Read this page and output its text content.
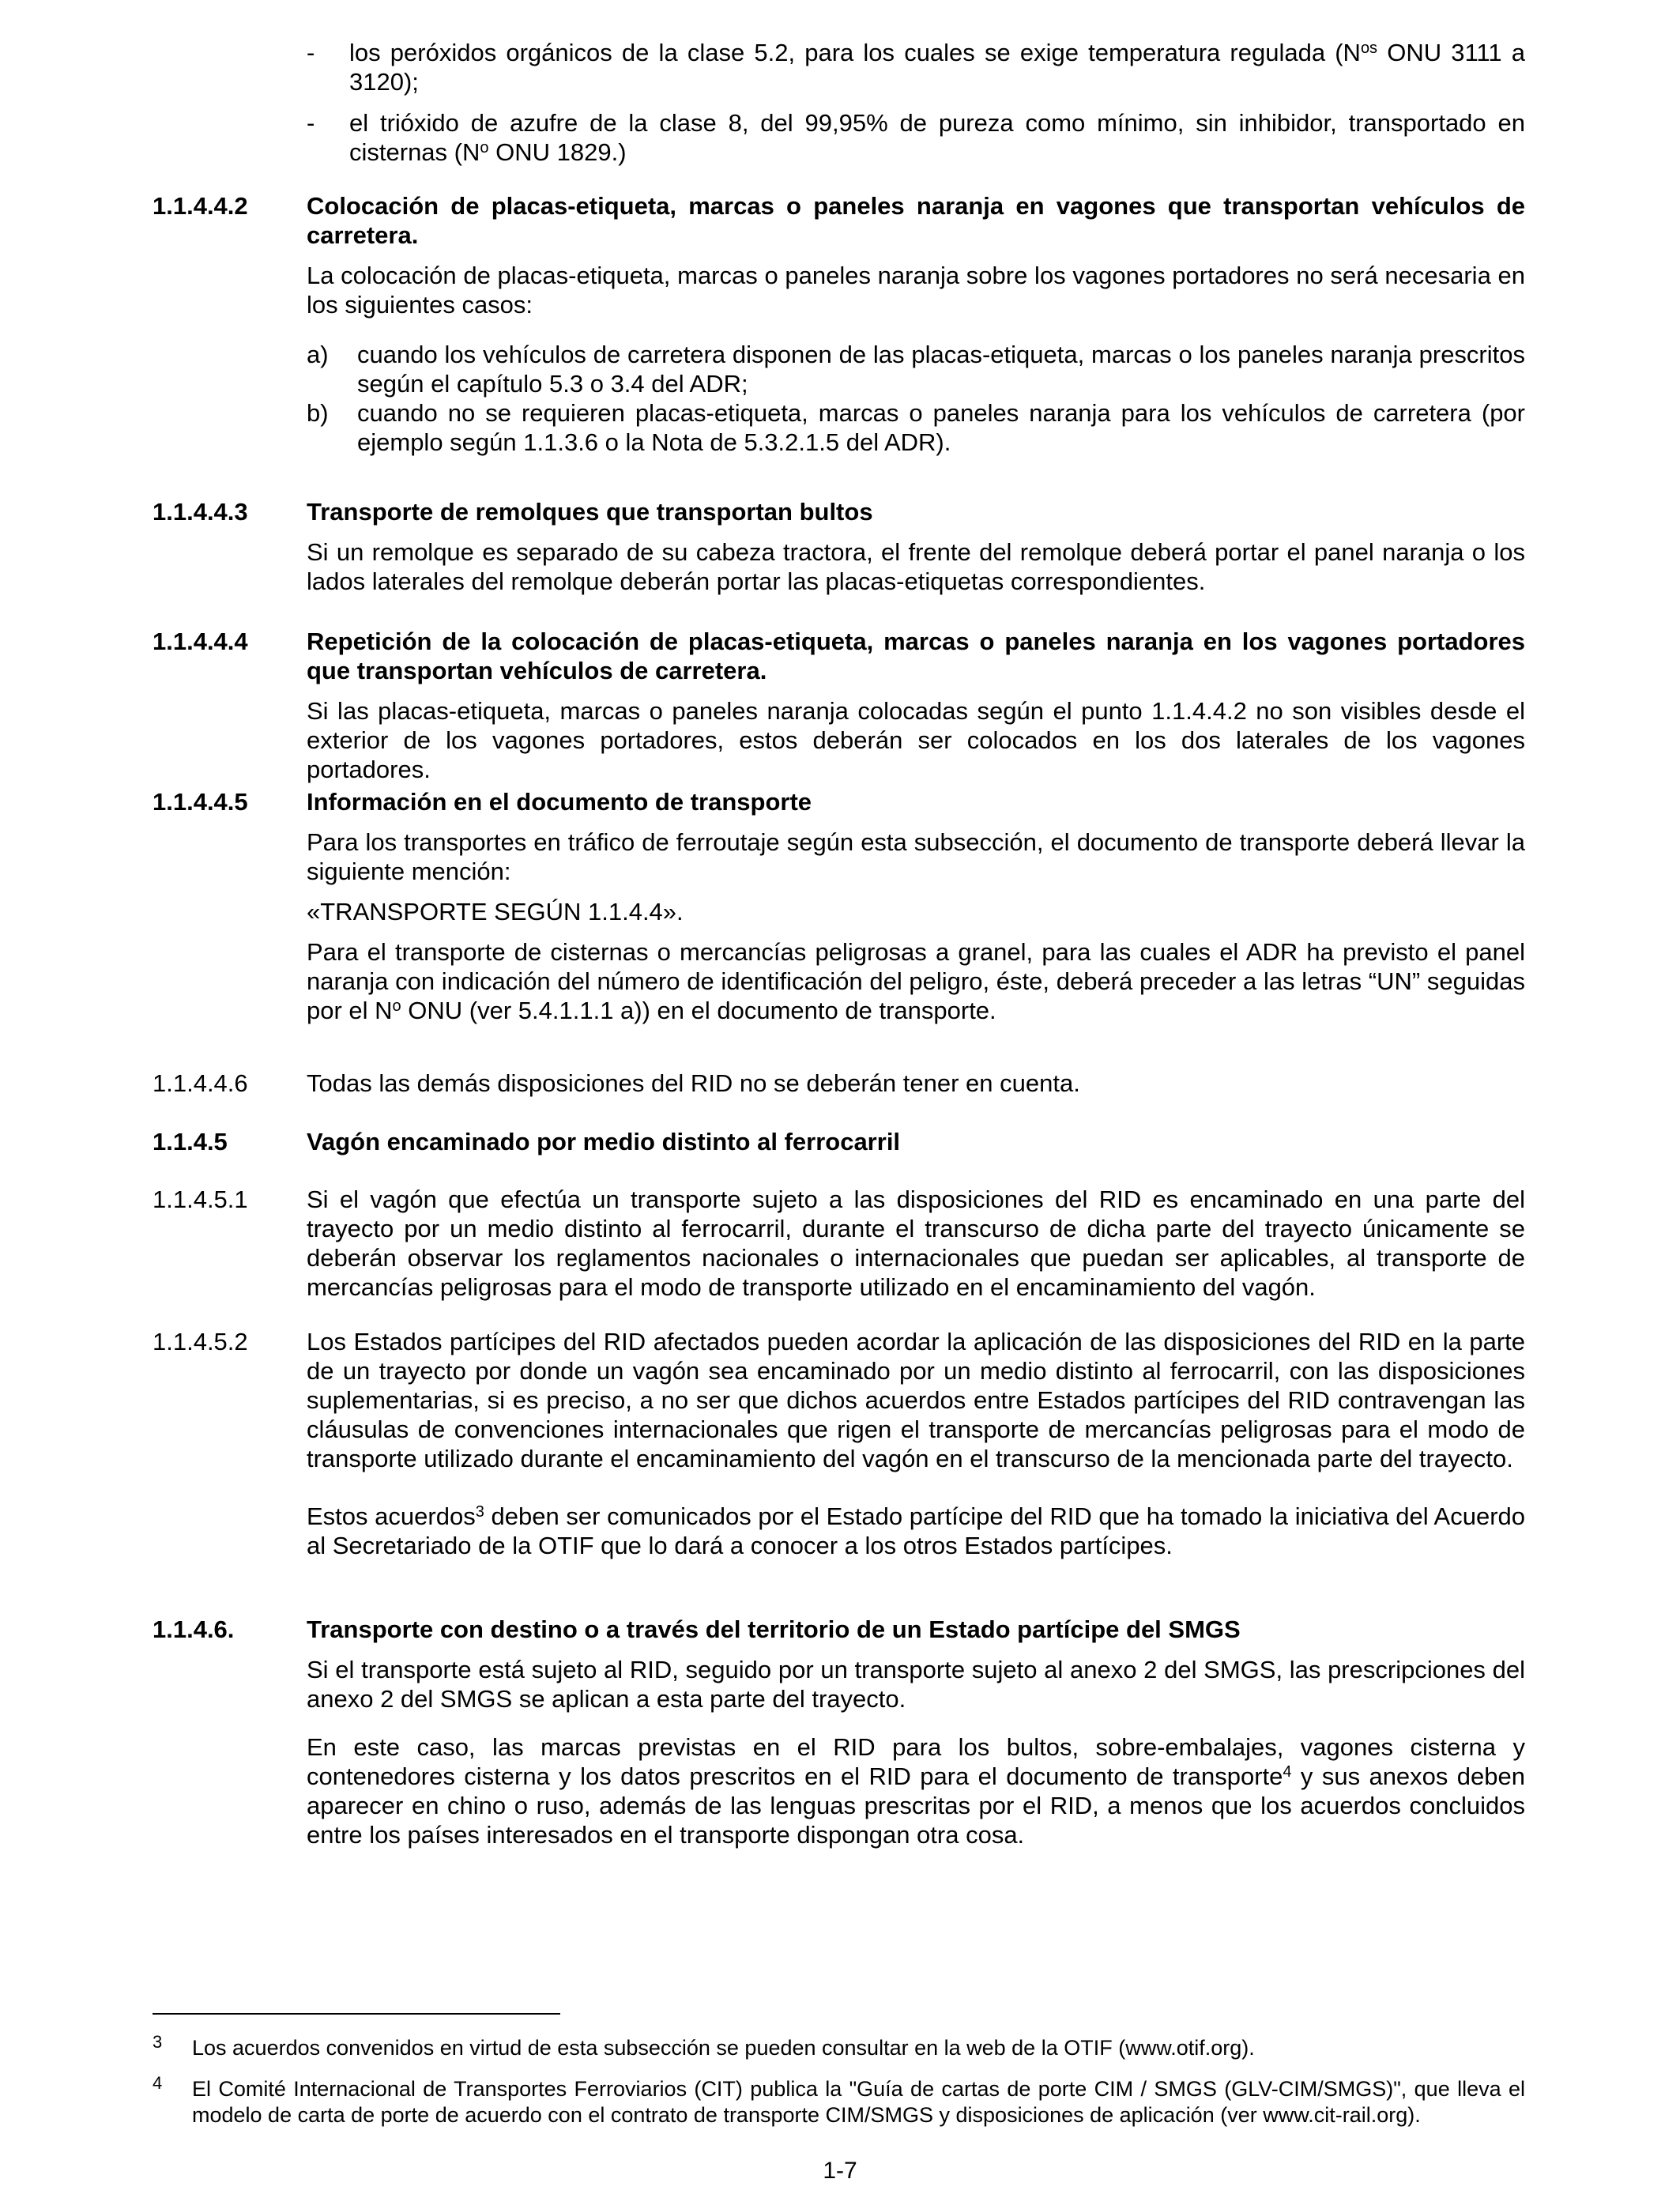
- los peróxidos orgánicos de la clase 5.2, para los cuales se exige temperatura regulada ($N^{os}$ ONU 3111 a 3120);
- el trióxido de azufre de la clase 8, del 99,95% de pureza como mínimo, sin inhibidor, transportado en cisternas ($N^o$ ONU 1829.)
1.1.4.4.2 Colocación de placas-etiqueta, marcas o paneles naranja en vagones que transportan vehículos de carretera.

La colocación de placas-etiqueta, marcas o paneles naranja sobre los vagones portadores no será necesaria en los siguientes casos:

a) cuando los vehículos de carretera disponen de las placas-etiqueta, marcas o los paneles naranja prescritos según el capítulo 5.3 o 3.4 del ADR;
b) cuando no se requieren placas-etiqueta, marcas o paneles naranja para los vehículos de carretera (por ejemplo según 1.1.3.6 o la Nota de 5.3.2.1.5 del ADR).
1.1.4.4.3 Transporte de remolques que transportan bultos

Si un remolque es separado de su cabeza tractora, el frente del remolque deberá portar el panel naranja o los lados laterales del remolque deberán portar las placas-etiquetas correspondientes.

1.1.4.4.4 Repetición de la colocación de placas-etiqueta, marcas o paneles naranja en los vagones portadores que transportan vehículos de carretera.

Si las placas-etiqueta, marcas o paneles naranja colocadas según el punto 1.1.4.4.2 no son visibles desde el exterior de los vagones portadores, estos deberán ser colocados en los dos laterales de los vagones portadores.

1.1.4.4.5 Información en el documento de transporte

Para los transportes en tráfico de ferroutaje según esta subsección, el documento de transporte deberá llevar la siguiente mención:

«TRANSPORTE SEGÚN 1.1.4.4».

Para el transporte de cisternas o mercancías peligrosas a granel, para las cuales el ADR ha previsto el panel naranja con indicación del número de identificación del peligro, éste, deberá preceder a las letras “UN” seguidas por el $N^o$ ONU (ver 5.4.1.1.1 a)) en el documento de transporte.

1.1.4.4.6 Todas las demás disposiciones del RID no se deberán tener en cuenta.

1.1.4.5	Vagón encaminado por medio distinto al ferrocarril
1.1.4.5.1 Si el vagón que efectúa un transporte sujeto a las disposiciones del RID es encaminado en una parte del trayecto por un medio distinto al ferrocarril, durante el transcurso de dicha parte del trayecto únicamente se deberán observar los reglamentos nacionales o internacionales que puedan ser aplicables, al transporte de mercancías peligrosas para el modo de transporte utilizado en el encaminamiento del vagón.

1.1.4.5.2 Los Estados partícipes del RID afectados pueden acordar la aplicación de las disposiciones del RID en la parte de un trayecto por donde un vagón sea encaminado por un medio distinto al ferrocarril, con las disposiciones suplementarias, si es preciso, a no ser que dichos acuerdos entre Estados partícipes del RID contravengan las cláusulas de convenciones internacionales que rigen el transporte de mercancías peligrosas para el modo de transporte utilizado durante el encaminamiento del vagón en el transcurso de la mencionada parte del trayecto.

Estos acuerdos$^3$ deben ser comunicados por el Estado partícipe del RID que ha tomado la iniciativa del Acuerdo al Secretariado de la OTIF que lo dará a conocer a los otros Estados partícipes.

1.1.4.6.	Transporte con destino o a través del territorio de un Estado partícipe del SMGS

Si el transporte está sujeto al RID, seguido por un transporte sujeto al anexo 2 del SMGS, las prescripciones del anexo 2 del SMGS se aplican a esta parte del trayecto.

En este caso, las marcas previstas en el RID para los bultos, sobre-embalajes, vagones cisterna y contenedores cisterna y los datos prescritos en el RID para el documento de transporte$^4$ y sus anexos deben aparecer en chino o ruso, además de las lenguas prescritas por el RID, a menos que los acuerdos concluidos entre los países interesados en el transporte dispongan otra cosa.

3 Los acuerdos convenidos en virtud de esta subsección se pueden consultar en la web de la OTIF (www.otif.org).
4 El Comité Internacional de Transportes Ferroviarios (CIT) publica la "Guía de cartas de porte CIM / SMGS (GLV-CIM/SMGS)", que lleva el modelo de carta de porte de acuerdo con el contrato de transporte CIM/SMGS y disposiciones de aplicación (ver www.cit-rail.org).
1-7
